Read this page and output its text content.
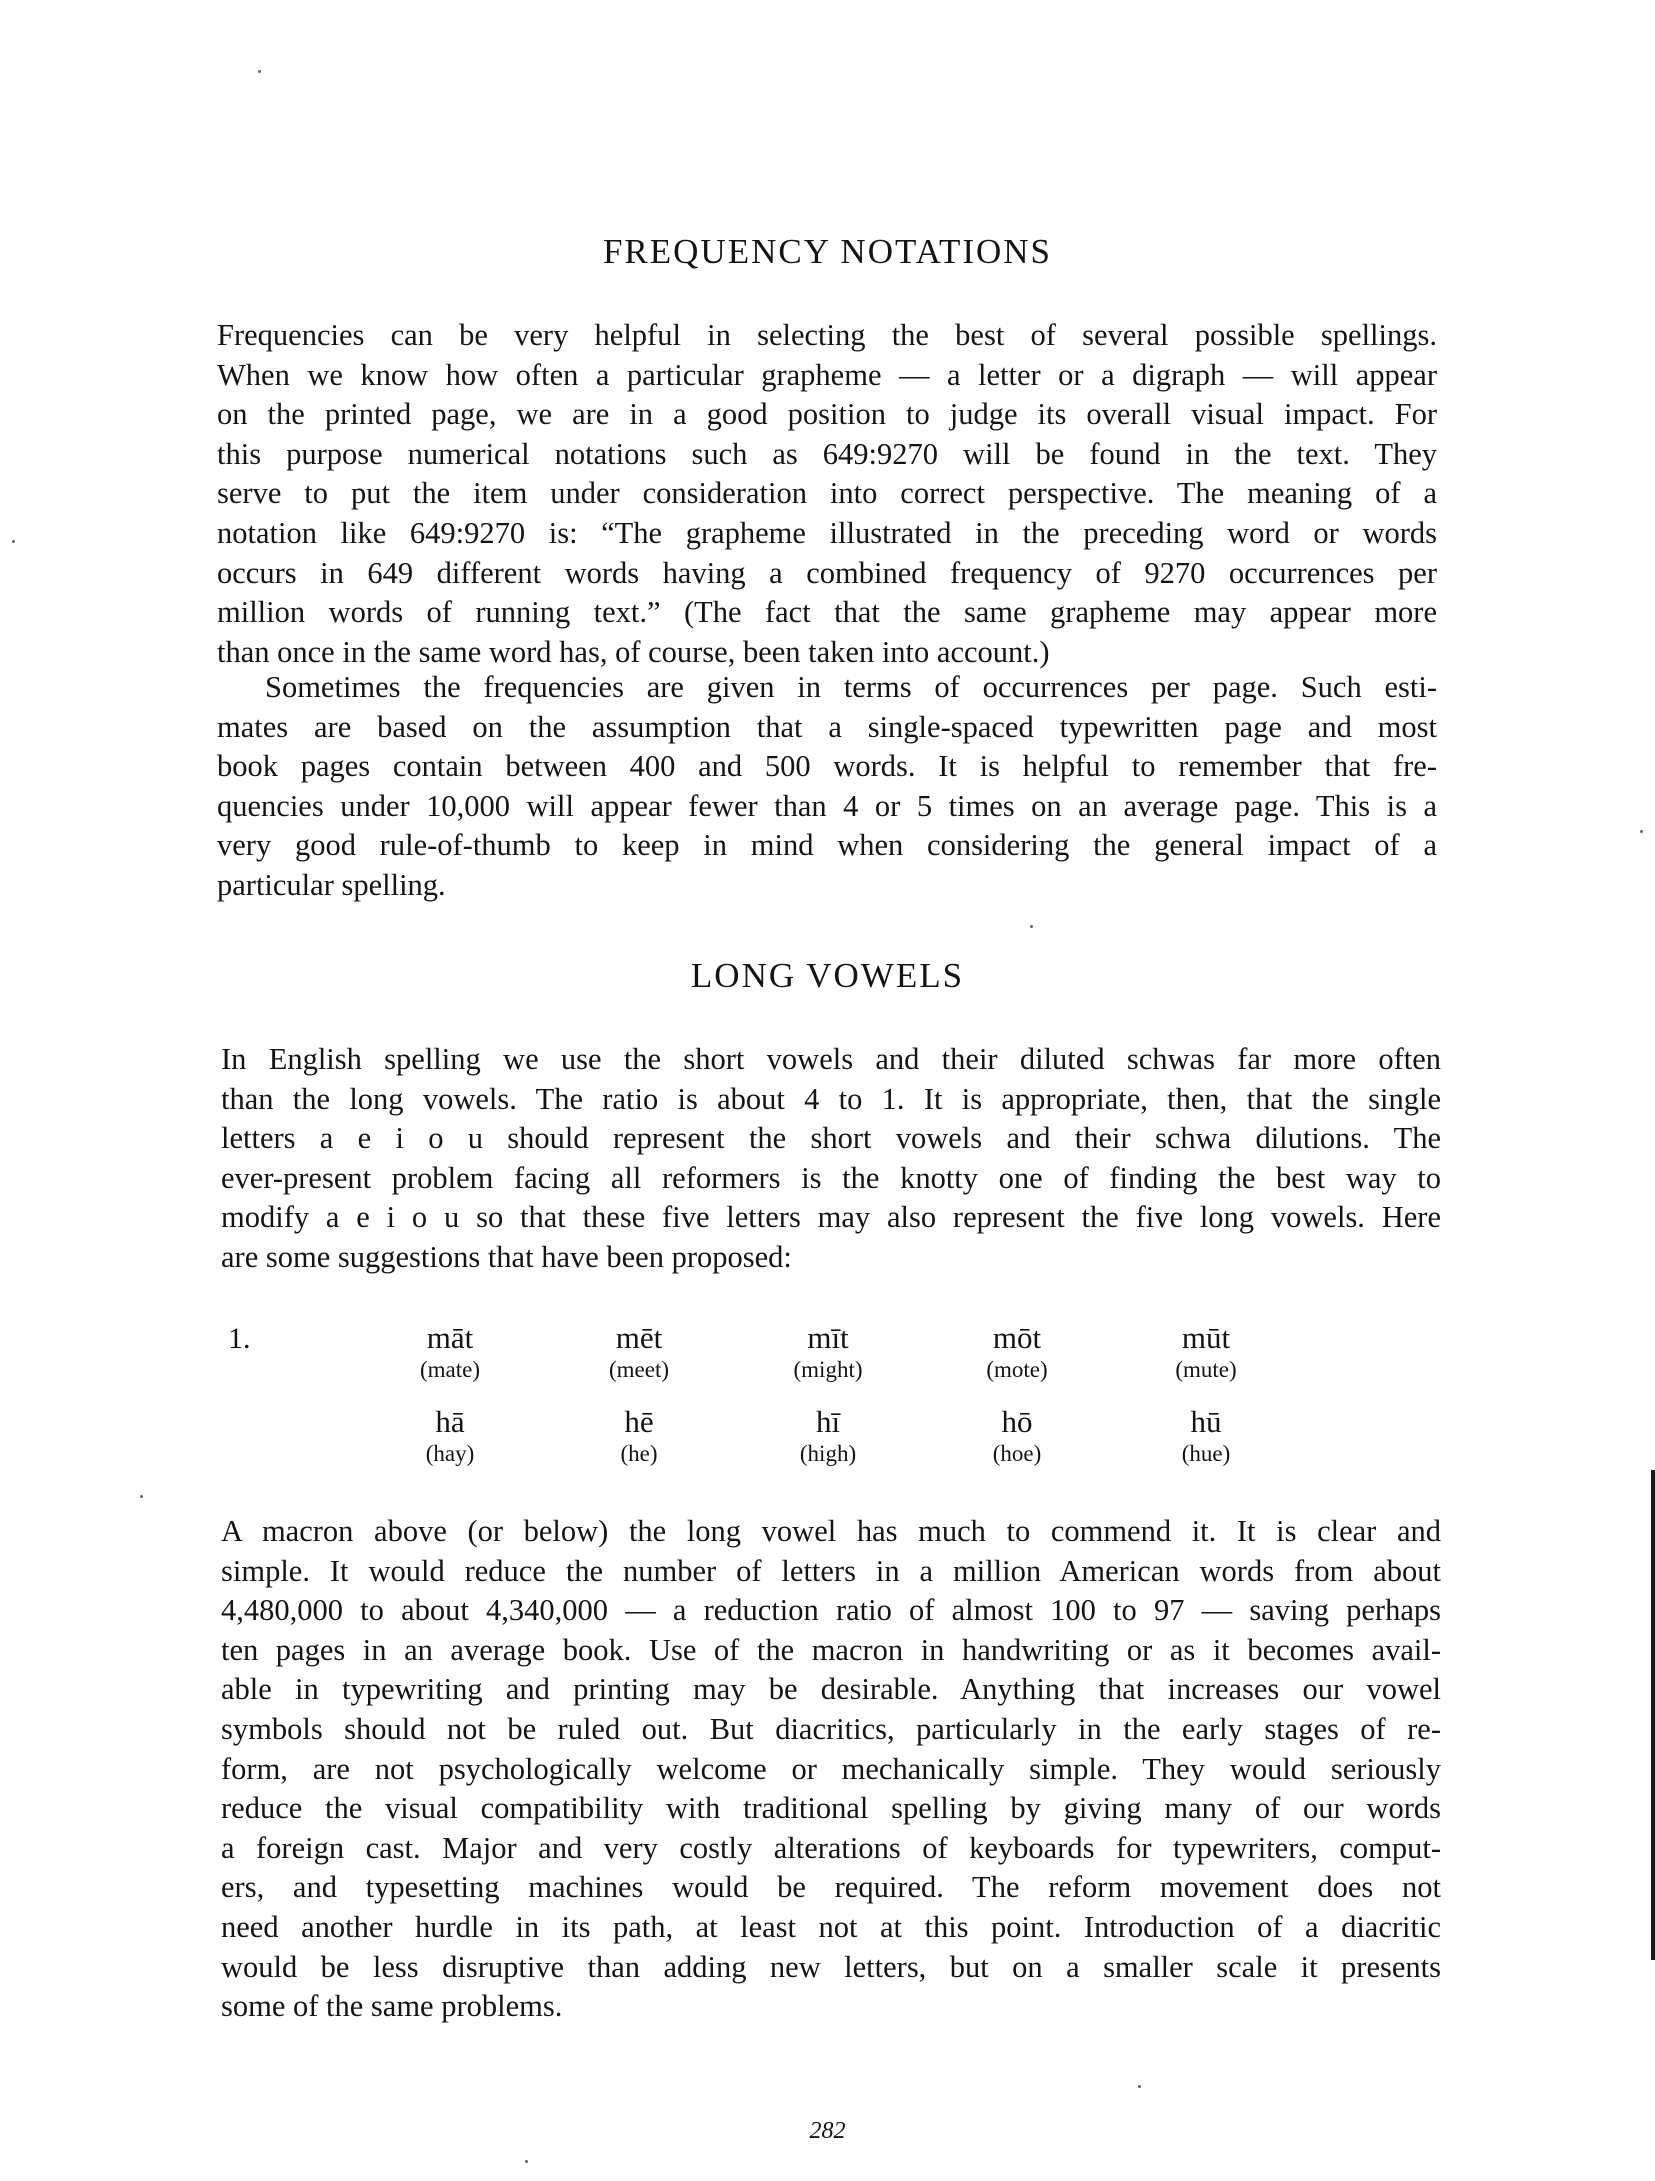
FREQUENCY NOTATIONS
Frequencies can be very helpful in selecting the best of several possible spellings.
When we know how often a particular grapheme — a letter or a digraph — will appear
on the printed page, we are in a good position to judge its overall visual impact. For
this purpose numerical notations such as 649:9270 will be found in the text. They
serve to put the item under consideration into correct perspective. The meaning of a
notation like 649:9270 is: “The grapheme illustrated in the preceding word or words
occurs in 649 different words having a combined frequency of 9270 occurrences per
million words of running text.” (The fact that the same grapheme may appear more
than once in the same word has, of course, been taken into account.)
Sometimes the frequencies are given in terms of occurrences per page. Such esti-
mates are based on the assumption that a single-spaced typewritten page and most
book pages contain between 400 and 500 words. It is helpful to remember that fre-
quencies under 10,000 will appear fewer than 4 or 5 times on an average page. This is a
very good rule-of-thumb to keep in mind when considering the general impact of a
particular spelling.
LONG VOWELS
In English spelling we use the short vowels and their diluted schwas far more often
than the long vowels. The ratio is about 4 to 1. It is appropriate, then, that the single
letters a e i o u should represent the short vowels and their schwa dilutions. The
ever-present problem facing all reformers is the knotty one of finding the best way to
modify a e i o u so that these five letters may also represent the five long vowels. Here
are some suggestions that have been proposed:
1.	māt
(mate)
mēt
(meet)
mīt
(might)
mōt
(mote)
mūt
(mute)
hā
(hay)
hē
(he)
hī
(high)
hō
(hoe)
hū
(hue)
A macron above (or below) the long vowel has much to commend it. It is clear and
simple. It would reduce the number of letters in a million American words from about
4,480,000 to about 4,340,000 — a reduction ratio of almost 100 to 97 — saving perhaps
ten pages in an average book. Use of the macron in handwriting or as it becomes avail-
able in typewriting and printing may be desirable. Anything that increases our vowel
symbols should not be ruled out. But diacritics, particularly in the early stages of re-
form, are not psychologically welcome or mechanically simple. They would seriously
reduce the visual compatibility with traditional spelling by giving many of our words
a foreign cast. Major and very costly alterations of keyboards for typewriters, comput-
ers, and typesetting machines would be required. The reform movement does not
need another hurdle in its path, at least not at this point. Introduction of a diacritic
would be less disruptive than adding new letters, but on a smaller scale it presents
some of the same problems.
282
